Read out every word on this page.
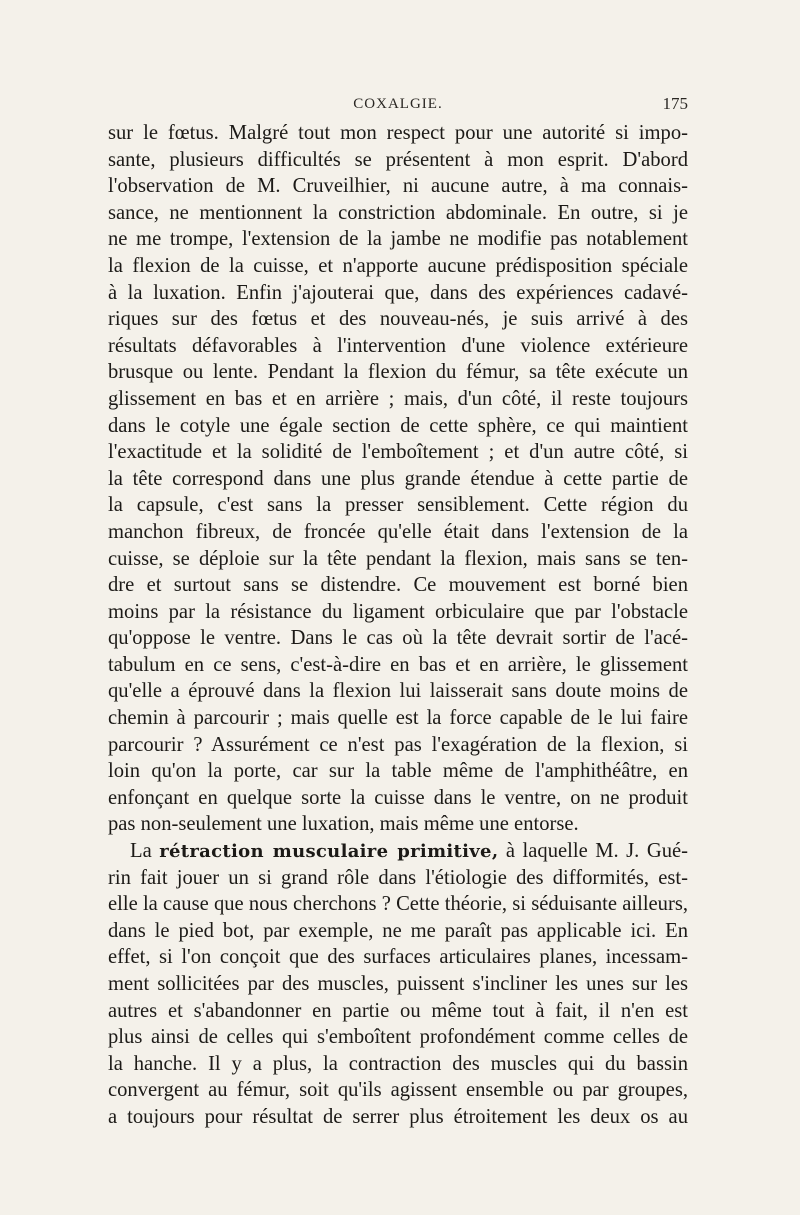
COXALGIE.	175
sur le fœtus. Malgré tout mon respect pour une autorité si impo-
sante, plusieurs difficultés se présentent à mon esprit. D'abord
l'observation de M. Cruveilhier, ni aucune autre, à ma connais-
sance, ne mentionnent la constriction abdominale. En outre, si je
ne me trompe, l'extension de la jambe ne modifie pas notablement
la flexion de la cuisse, et n'apporte aucune prédisposition spéciale
à la luxation. Enfin j'ajouterai que, dans des expériences cadavé-
riques sur des fœtus et des nouveau-nés, je suis arrivé à des
résultats défavorables à l'intervention d'une violence extérieure
brusque ou lente. Pendant la flexion du fémur, sa tête exécute un
glissement en bas et en arrière ; mais, d'un côté, il reste toujours
dans le cotyle une égale section de cette sphère, ce qui maintient
l'exactitude et la solidité de l'emboîtement ; et d'un autre côté, si
la tête correspond dans une plus grande étendue à cette partie de
la capsule, c'est sans la presser sensiblement. Cette région du
manchon fibreux, de froncée qu'elle était dans l'extension de la
cuisse, se déploie sur la tête pendant la flexion, mais sans se ten-
dre et surtout sans se distendre. Ce mouvement est borné bien
moins par la résistance du ligament orbiculaire que par l'obstacle
qu'oppose le ventre. Dans le cas où la tête devrait sortir de l'acé-
tabulum en ce sens, c'est-à-dire en bas et en arrière, le glissement
qu'elle a éprouvé dans la flexion lui laisserait sans doute moins de
chemin à parcourir ; mais quelle est la force capable de le lui faire
parcourir ? Assurément ce n'est pas l'exagération de la flexion, si
loin qu'on la porte, car sur la table même de l'amphithéâtre, en
enfonçant en quelque sorte la cuisse dans le ventre, on ne produit
pas non-seulement une luxation, mais même une entorse.
La rétraction musculaire primitive, à laquelle M. J. Gué-
rin fait jouer un si grand rôle dans l'étiologie des difformités, est-
elle la cause que nous cherchons ? Cette théorie, si séduisante ailleurs,
dans le pied bot, par exemple, ne me paraît pas applicable ici. En
effet, si l'on conçoit que des surfaces articulaires planes, incessam-
ment sollicitées par des muscles, puissent s'incliner les unes sur les
autres et s'abandonner en partie ou même tout à fait, il n'en est
plus ainsi de celles qui s'emboîtent profondément comme celles de
la hanche. Il y a plus, la contraction des muscles qui du bassin
convergent au fémur, soit qu'ils agissent ensemble ou par groupes,
a toujours pour résultat de serrer plus étroitement les deux os au
